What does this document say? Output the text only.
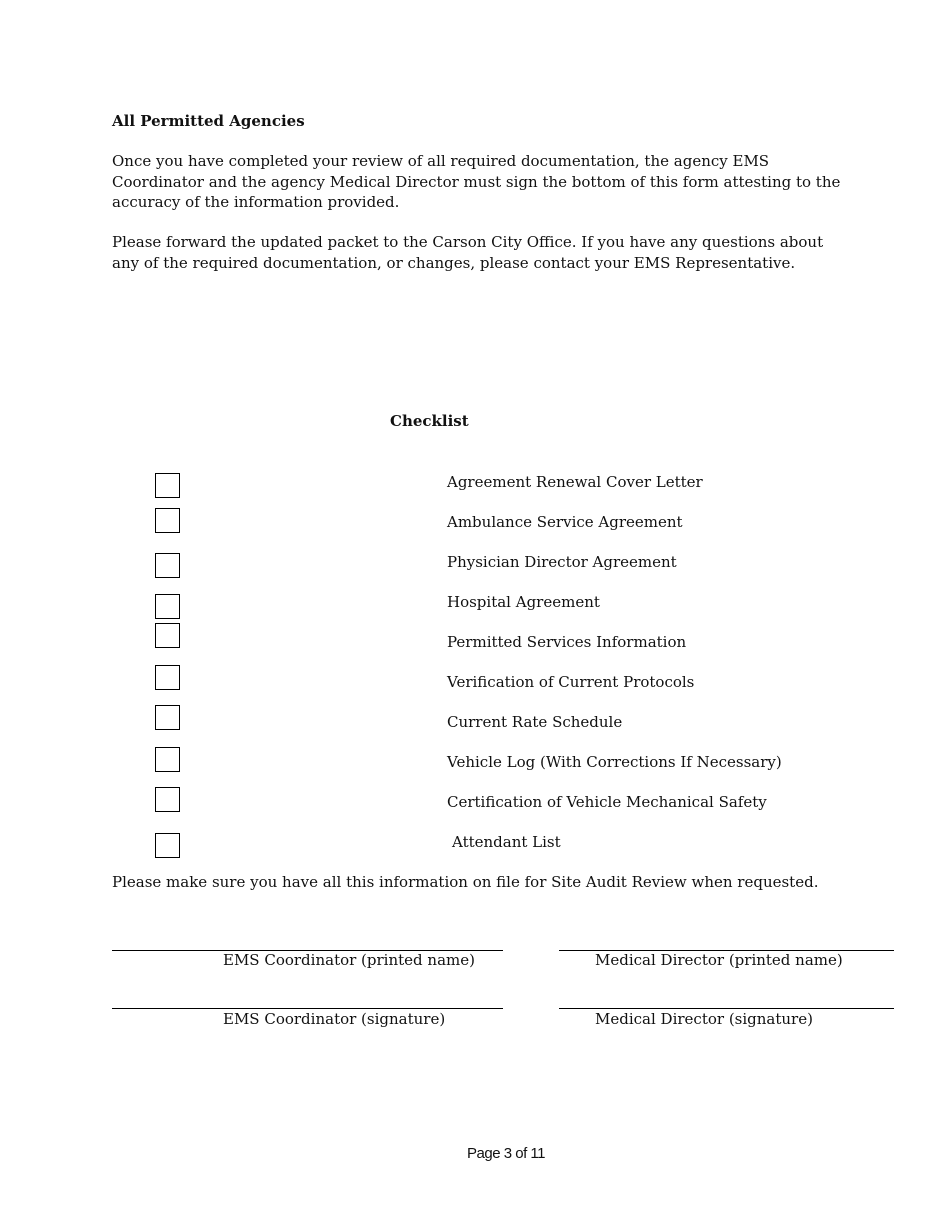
All Permitted Agencies
Once you have completed your review of all required documentation, the agency EMS Coordinator and the agency Medical Director must sign the bottom of this form attesting to the accuracy of the information provided.
Please forward the updated packet to the Carson City Office. If you have any questions about any of the required documentation, or changes, please contact your EMS Representative.
Checklist
Agreement Renewal Cover Letter
Ambulance Service Agreement
Physician Director Agreement
Hospital Agreement
Permitted Services Information
Verification of Current Protocols
Current Rate Schedule
Vehicle Log (With Corrections If Necessary)
Certification of Vehicle Mechanical Safety
Attendant List
Please make sure you have all this information on file for Site Audit Review when requested.
EMS Coordinator (printed name)	Medical Director (printed name)
EMS Coordinator (signature)	Medical Director (signature)
Page 3 of 11
